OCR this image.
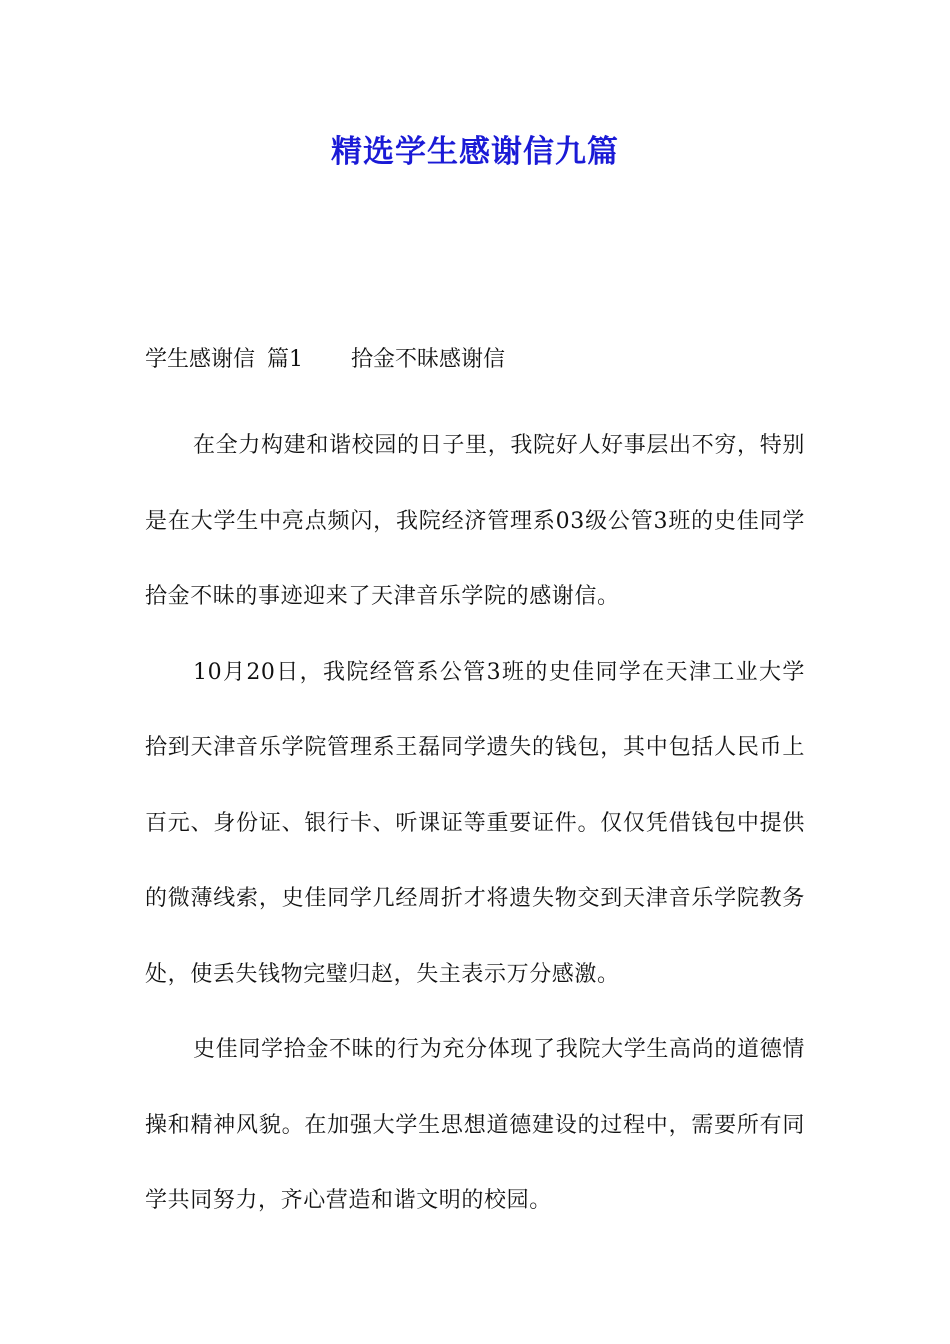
精选学生感谢信九篇
学生感谢信 篇1 拾金不昧感谢信

在全力构建和谐校园的日子里，我院好人好事层出不穷，特别是在大学生中亮点频闪，我院经济管理系03级公管3班的史佳同学拾金不昧的事迹迎来了天津音乐学院的感谢信。

10月20日，我院经管系公管3班的史佳同学在天津工业大学拾到天津音乐学院管理系王磊同学遗失的钱包，其中包括人民币上百元、身份证、银行卡、听课证等重要证件。仅仅凭借钱包中提供的微薄线索，史佳同学几经周折才将遗失物交到天津音乐学院教务处，使丢失钱物完璧归赵，失主表示万分感激。

史佳同学拾金不昧的行为充分体现了我院大学生高尚的道德情操和精神风貌。在加强大学生思想道德建设的过程中，需要所有同学共同努力，齐心营造和谐文明的校园。
